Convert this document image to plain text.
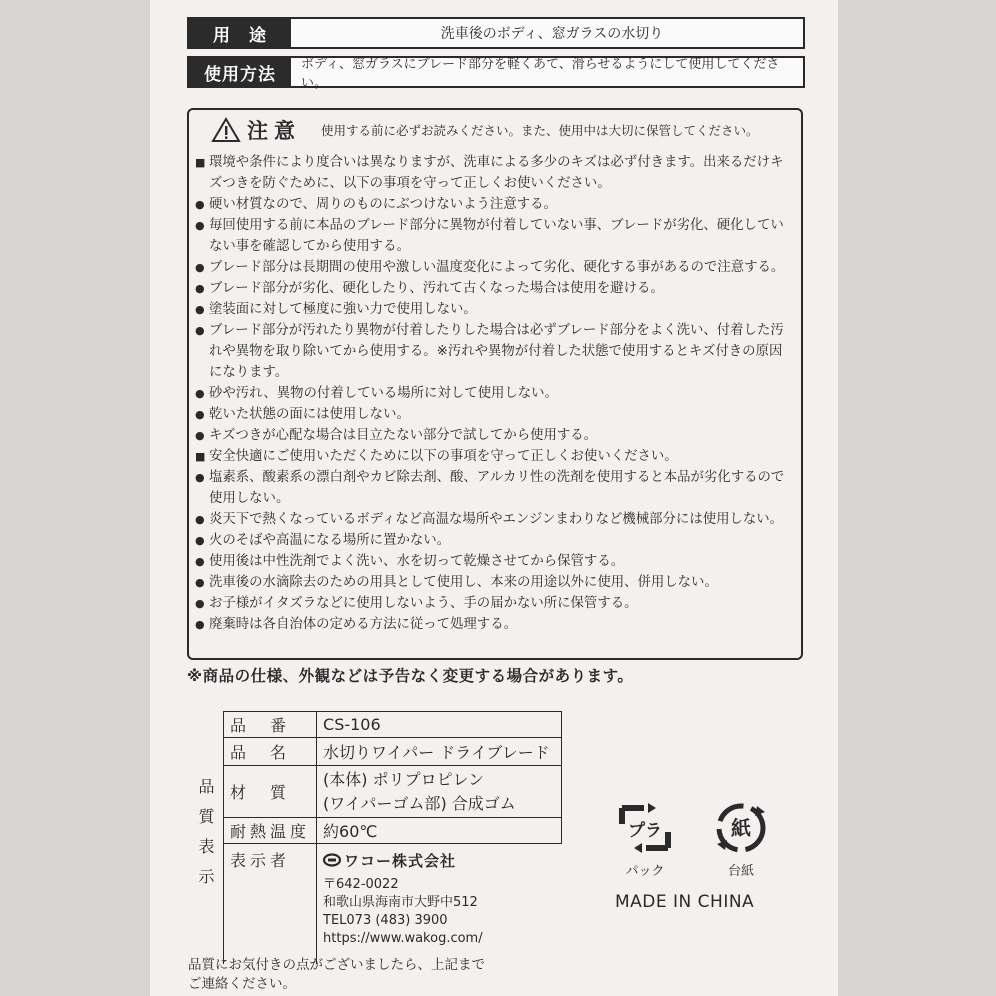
用　途	洗車後のボディ、窓ガラスの水切り
使用方法	ボディ、窓ガラスにブレード部分を軽くあて、滑らせるようにして使用してください。
注意 使用する前に必ずお読みください。また、使用中は大切に保管してください。
■ 環境や条件により度合いは異なりますが、洗車による多少のキズは必ず付きます。出来るだけキズつきを防ぐために、以下の事項を守って正しくお使いください。
● 硬い材質なので、周りのものにぶつけないよう注意する。
● 毎回使用する前に本品のブレード部分に異物が付着していない事、ブレードが劣化、硬化していない事を確認してから使用する。
● ブレード部分は長期間の使用や激しい温度変化によって劣化、硬化する事があるので注意する。
● ブレード部分が劣化、硬化したり、汚れて古くなった場合は使用を避ける。
● 塗装面に対して極度に強い力で使用しない。
● ブレード部分が汚れたり異物が付着したりした場合は必ずブレード部分をよく洗い、付着した汚れや異物を取り除いてから使用する。※汚れや異物が付着した状態で使用するとキズ付きの原因になります。
● 砂や汚れ、異物の付着している場所に対して使用しない。
● 乾いた状態の面には使用しない。
● キズつきが心配な場合は目立たない部分で試してから使用する。
■ 安全快適にご使用いただくために以下の事項を守って正しくお使いください。
● 塩素系、酸素系の漂白剤やカビ除去剤、酸、アルカリ性の洗剤を使用すると本品が劣化するので使用しない。
● 炎天下で熱くなっているボディなど高温な場所やエンジンまわりなど機械部分には使用しない。
● 火のそばや高温になる場所に置かない。
● 使用後は中性洗剤でよく洗い、水を切って乾燥させてから保管する。
● 洗車後の水滴除去のための用具として使用し、本来の用途以外に使用、併用しない。
● お子様がイタズラなどに使用しないよう、手の届かない所に保管する。
● 廃棄時は各自治体の定める方法に従って処理する。
※商品の仕様、外観などは予告なく変更する場合があります。
品質表示	品　番	CS-106
	品　名	水切りワイパー ドライブレード
	材　質	(本体) ポリプロピレン
(ワイパーゴム部) 合成ゴム

	耐熱温度	約60℃
	表示者	ワコー株式会社
〒642-0022
和歌山県海南市大野中512
TEL073 (483) 3900
https://www.wakog.com/
品質にお気付きの点がございましたら、上記まで
ご連絡ください。
プラ
パック
紙
台紙
MADE IN CHINA
